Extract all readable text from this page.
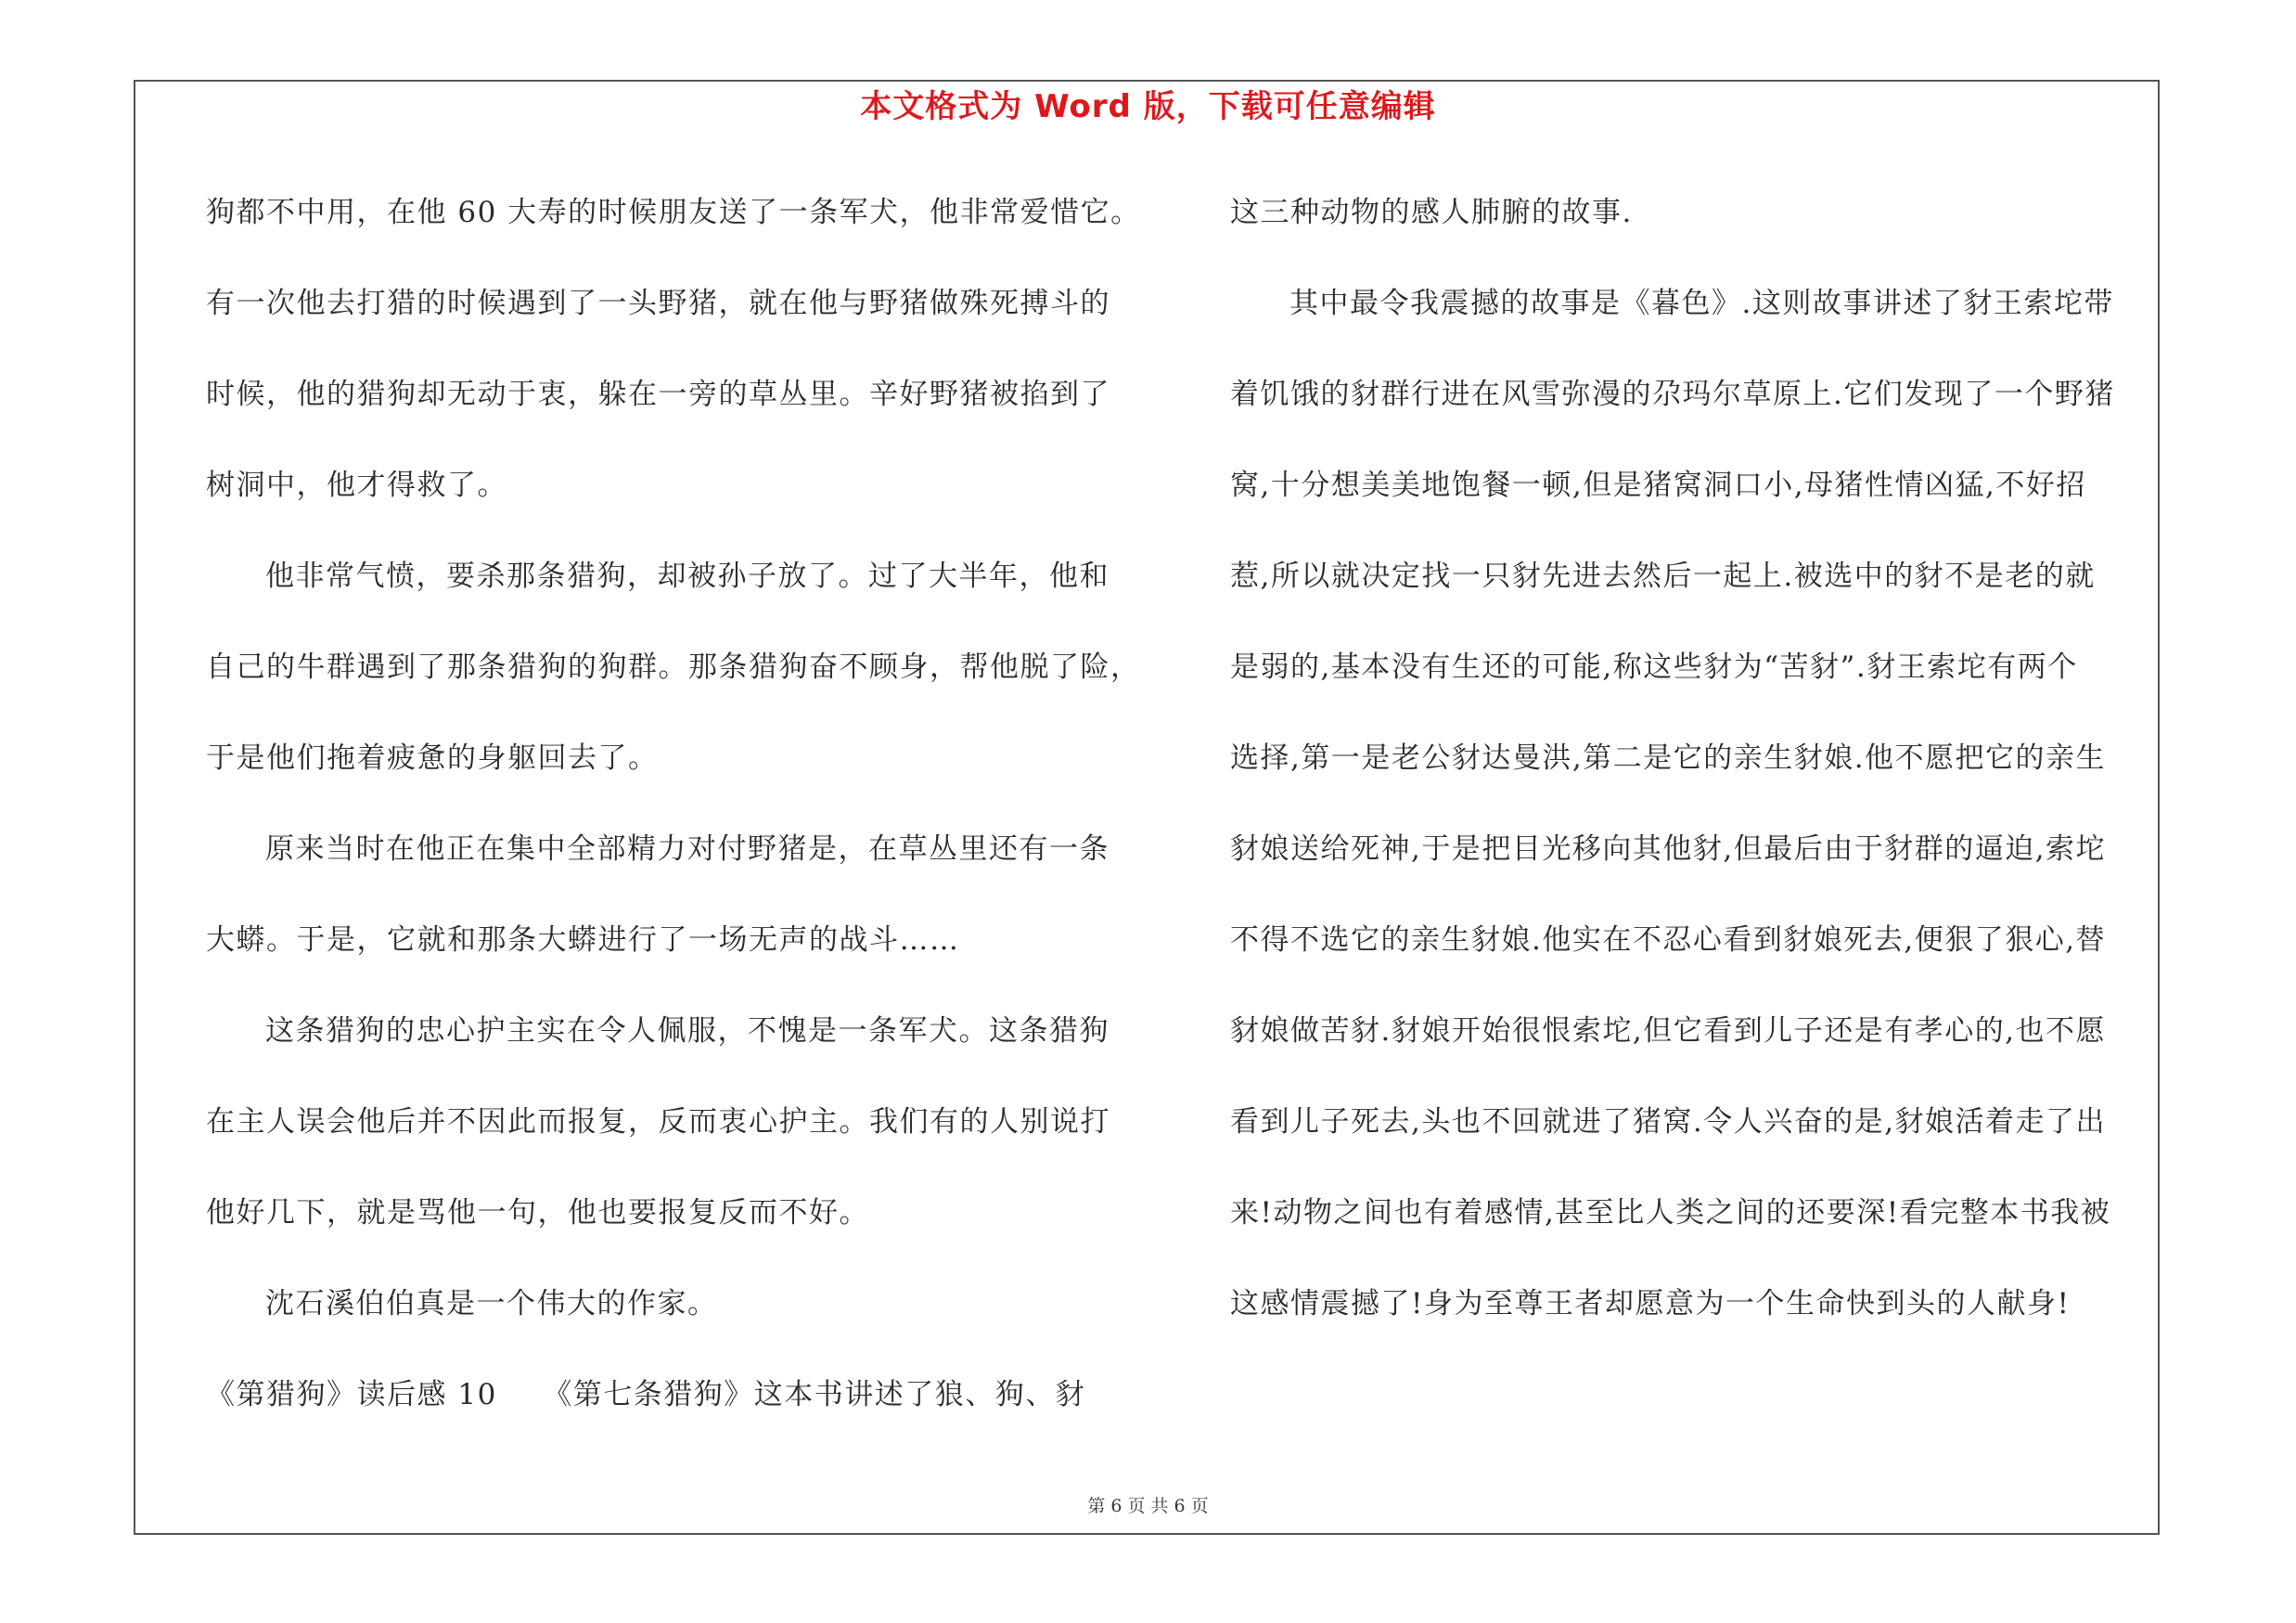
本文格式为 Word 版，下载可任意编辑
狗都不中用，在他 60 大寿的时候朋友送了一条军犬，他非常爱惜它。
有一次他去打猎的时候遇到了一头野猪，就在他与野猪做殊死搏斗的
时候，他的猎狗却无动于衷，躲在一旁的草丛里。辛好野猪被掐到了
树洞中，他才得救了。
他非常气愤，要杀那条猎狗，却被孙子放了。过了大半年，他和
自己的牛群遇到了那条猎狗的狗群。那条猎狗奋不顾身，帮他脱了险，
于是他们拖着疲惫的身躯回去了。
原来当时在他正在集中全部精力对付野猪是，在草丛里还有一条
大蟒。于是，它就和那条大蟒进行了一场无声的战斗……
这条猎狗的忠心护主实在令人佩服，不愧是一条军犬。这条猎狗
在主人误会他后并不因此而报复，反而衷心护主。我们有的人别说打
他好几下，就是骂他一句，他也要报复反而不好。
沈石溪伯伯真是一个伟大的作家。
《第猎狗》读后感 10　　《第七条猎狗》这本书讲述了狼、狗、豺
这三种动物的感人肺腑的故事.
其中最令我震撼的故事是《暮色》.这则故事讲述了豺王索坨带
着饥饿的豺群行进在风雪弥漫的尕玛尔草原上.它们发现了一个野猪
窝,十分想美美地饱餐一顿,但是猪窝洞口小,母猪性情凶猛,不好招
惹,所以就决定找一只豺先进去然后一起上.被选中的豺不是老的就
是弱的,基本没有生还的可能,称这些豺为“苦豺”.豺王索坨有两个
选择,第一是老公豺达曼洪,第二是它的亲生豺娘.他不愿把它的亲生
豺娘送给死神,于是把目光移向其他豺,但最后由于豺群的逼迫,索坨
不得不选它的亲生豺娘.他实在不忍心看到豺娘死去,便狠了狠心,替
豺娘做苦豺.豺娘开始很恨索坨,但它看到儿子还是有孝心的,也不愿
看到儿子死去,头也不回就进了猪窝.令人兴奋的是,豺娘活着走了出
来!动物之间也有着感情,甚至比人类之间的还要深!看完整本书我被
这感情震撼了!身为至尊王者却愿意为一个生命快到头的人献身!
第 6 页 共 6 页
